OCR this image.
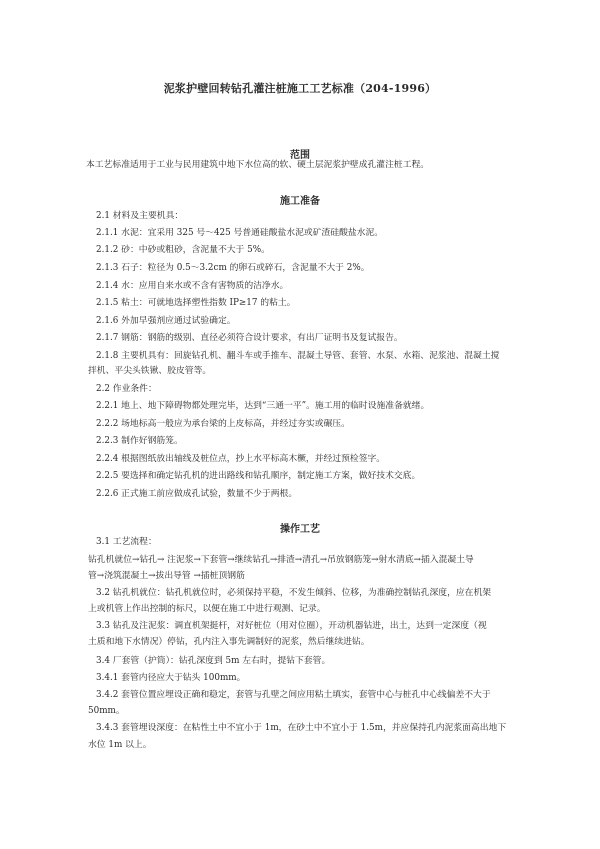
泥浆护壁回转钻孔灌注桩施工工艺标准（204-1996）
范围
本工艺标准适用于工业与民用建筑中地下水位高的软、硬土层泥浆护壁成孔灌注桩工程。
施工准备
2.1 材料及主要机具：
2.1.1 水泥：宜采用 325 号～425 号普通硅酸盐水泥或矿渣硅酸盐水泥。
2.1.2 砂：中砂或粗砂，含泥量不大于 5%。
2.1.3 石子：粒径为 0.5～3.2cm 的卵石或碎石，含泥量不大于 2%。
2.1.4 水：应用自来水或不含有害物质的洁净水。
2.1.5 粘土：可就地选择塑性指数 IP≥17 的粘土。
2.1.6 外加早强剂应通过试验确定。
2.1.7 钢筋：钢筋的级别、直径必须符合设计要求，有出厂证明书及复试报告。
2.1.8 主要机具有：回旋钻孔机、翻斗车或手推车、混凝土导管、套管、水泵、水箱、泥浆池、混凝土搅
拌机、平尖头铁锹、胶皮管等。
2.2 作业条件：
2.2.1 地上、地下障碍物都处理完毕，达到“三通一平”。施工用的临时设施准备就绪。
2.2.2 场地标高一般应为承台梁的上皮标高，并经过夯实或碾压。
2.2.3 制作好钢筋笼。
2.2.4 根据图纸放出轴线及桩位点，抄上水平标高木橛，并经过预检签字。
2.2.5 要选择和确定钻孔机的进出路线和钻孔顺序，制定施工方案，做好技术交底。
2.2.6 正式施工前应做成孔试验，数量不少于两根。
操作工艺
3.1 工艺流程：
钻孔机就位→钻孔→ 注泥浆→下套管→继续钻孔→排渣→清孔→吊放钢筋笼→射水清底→插入混凝土导
管→浇筑混凝土→拔出导管 →插桩顶钢筋
3.2 钻孔机就位：钻孔机就位时，必须保持平稳，不发生倾斜、位移，为准确控制钻孔深度，应在机架
上或机管上作出控制的标尺，以便在施工中进行观测、记录。
3.3 钻孔及注泥浆：调直机架挺杆，对好桩位（用对位圈），开动机器钻进，出土，达到一定深度（视
土质和地下水情况）停钻，孔内注入事先调制好的泥浆，然后继续进钻。
3.4 厂套管（护筒）：钻孔深度到 5m 左右时，提钻下套管。
3.4.1 套管内径应大于钻头 100mm。
3.4.2 套管位置应埋设正确和稳定，套管与孔壁之间应用粘土填实，套管中心与桩孔中心线偏差不大于
50mm。
3.4.3 套管埋设深度：在粘性土中不宜小于 1m，在砂土中不宜小于 1.5m，并应保持孔内泥浆面高出地下
水位 1m 以上。
